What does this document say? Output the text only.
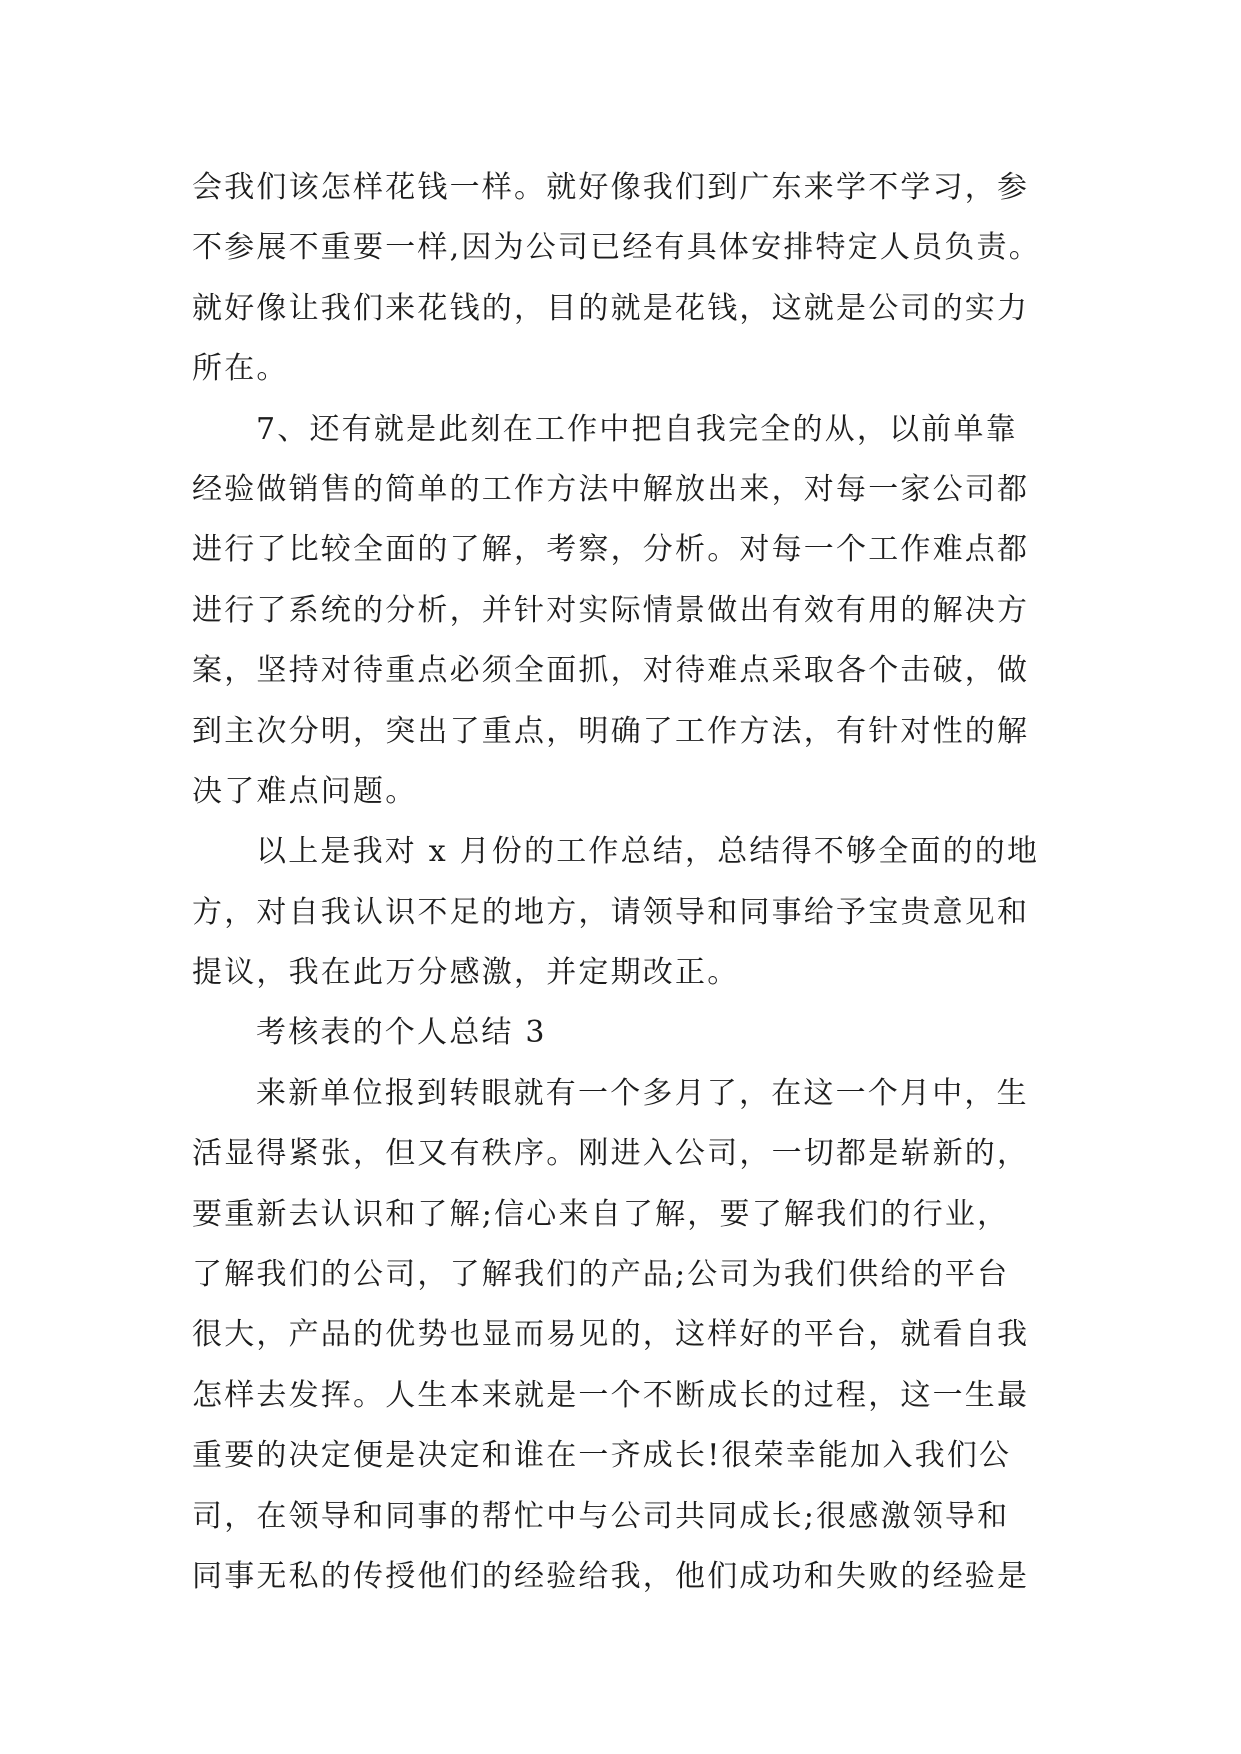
会我们该怎样花钱一样。就好像我们到广东来学不学习，参
不参展不重要一样,因为公司已经有具体安排特定人员负责。
就好像让我们来花钱的，目的就是花钱，这就是公司的实力
所在。
7、还有就是此刻在工作中把自我完全的从，以前单靠
经验做销售的简单的工作方法中解放出来，对每一家公司都
进行了比较全面的了解，考察，分析。对每一个工作难点都
进行了系统的分析，并针对实际情景做出有效有用的解决方
案，坚持对待重点必须全面抓，对待难点采取各个击破，做
到主次分明，突出了重点，明确了工作方法，有针对性的解
决了难点问题。
以上是我对 x 月份的工作总结，总结得不够全面的的地
方，对自我认识不足的地方，请领导和同事给予宝贵意见和
提议，我在此万分感激，并定期改正。
考核表的个人总结 3
来新单位报到转眼就有一个多月了，在这一个月中，生
活显得紧张，但又有秩序。刚进入公司，一切都是崭新的，
要重新去认识和了解;信心来自了解，要了解我们的行业，
了解我们的公司，了解我们的产品;公司为我们供给的平台
很大，产品的优势也显而易见的，这样好的平台，就看自我
怎样去发挥。人生本来就是一个不断成长的过程，这一生最
重要的决定便是决定和谁在一齐成长!很荣幸能加入我们公
司，在领导和同事的帮忙中与公司共同成长;很感激领导和
同事无私的传授他们的经验给我，他们成功和失败的经验是
